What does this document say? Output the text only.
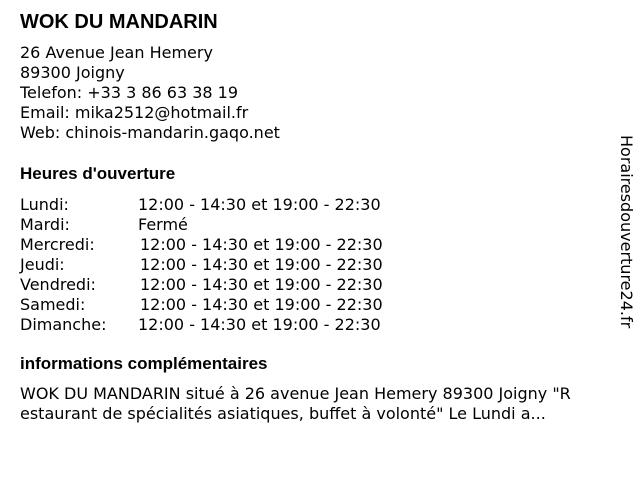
WOK DU MANDARIN
26 Avenue Jean Hemery
89300 Joigny
Telefon: +33 3 86 63 38 19
Email: mika2512@hotmail.fr
Web: chinois-mandarin.gaqo.net
Heures d'ouverture
Lundi:	12:00 - 14:30 et 19:00 - 22:30
Mardi:	Fermé
Mercredi:	12:00 - 14:30 et 19:00 - 22:30
Jeudi:	12:00 - 14:30 et 19:00 - 22:30
Vendredi:	12:00 - 14:30 et 19:00 - 22:30
Samedi:	12:00 - 14:30 et 19:00 - 22:30
Dimanche: 12:00 - 14:30 et 19:00 - 22:30
informations complémentaires
WOK DU MANDARIN situé à 26 avenue Jean Hemery 89300 Joigny "R
estaurant de spécialités asiatiques, buffet à volonté" Le Lundi a...
Horairesdouverture24.fr
